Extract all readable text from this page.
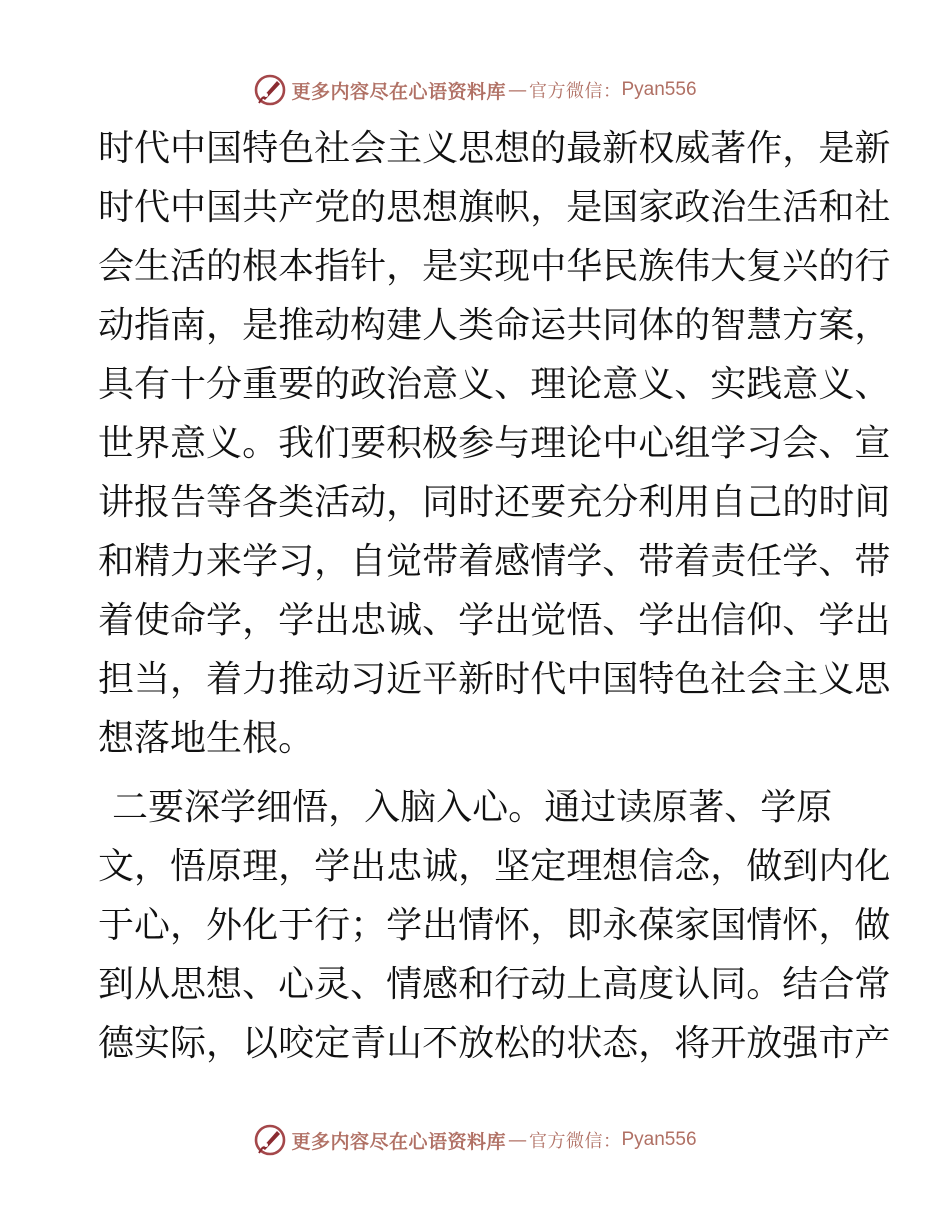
更多内容尽在心语资料库 — 官方微信： Pyan556
时 代 中 国 特 色 社 会 主 义 思 想 的 最 新 权 威 著 作 ， 是 新
时 代 中 国 共 产 党 的 思 想 旗 帜 ， 是 国 家 政 治 生 活 和 社
会 生 活 的 根 本 指 针 ， 是 实 现 中 华 民 族 伟 大 复 兴 的 行
动 指 南 ， 是 推 动 构 建 人 类 命 运 共 同 体 的 智 慧 方 案 ，
具 有 十 分 重 要 的 政 治 意 义 、 理 论 意 义 、 实 践 意 义 、
世 界 意 义 。 我 们 要 积 极 参 与 理 论 中 心 组 学 习 会 、 宣
讲 报 告 等 各 类 活 动 ， 同 时 还 要 充 分 利 用 自 己 的 时 间
和 精 力 来 学 习 ， 自 觉 带 着 感 情 学 、 带 着 责 任 学 、 带
着 使 命 学 ， 学 出 忠 诚 、 学 出 觉 悟 、 学 出 信 仰 、 学 出
担 当 ， 着 力 推 动 习 近 平 新 时 代 中 国 特 色 社 会 主 义 思
想 落 地 生 根 。
二 要 深 学 细 悟 ， 入 脑 入 心 。 通 过 读 原 著 、 学 原
文 ， 悟 原 理 ， 学 出 忠 诚 ， 坚 定 理 想 信 念 ， 做 到 内 化
于 心 ， 外 化 于 行 ； 学 出 情 怀 ， 即 永 葆 家 国 情 怀 ， 做
到 从 思 想 、 心 灵 、 情 感 和 行 动 上 高 度 认 同 。 结 合 常
德 实 际 ， 以 咬 定 青 山 不 放 松 的 状 态 ， 将 开 放 强 市 产
更多内容尽在心语资料库 — 官方微信： Pyan556
